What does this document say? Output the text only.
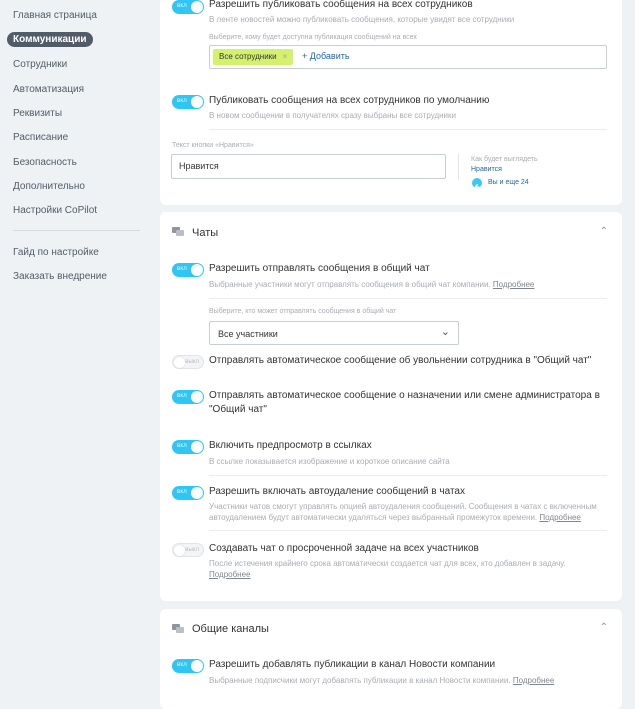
Главная страница
Коммуникации
Сотрудники
Автоматизация
Реквизиты
Расписание
Безопасность
Дополнительно
Настройки CoPilot
Гайд по настройке
Заказать внедрение
вкл Разрешить публиковать сообщения на всех сотрудников
В ленте новостей можно публиковать сообщения, которые увидят все сотрудники
Выберите, кому будет доступна публикация сообщений на всех
Все сотрудники ×	+ Добавить
вкл Публиковать сообщения на всех сотрудников по умолчанию
В новом сообщении в получателях сразу выбраны все сотрудники
Текст кнопки «Нравится»
Нравится
Как будет выглядеть
Нравится
Вы и еще 24
Чаты	⌃
вкл Разрешить отправлять сообщения в общий чат
Выбранные участники могут отправлять сообщения в общий чат компании. Подробнее
Выберите, кто может отправлять сообщения в общий чат
Все участники	⌄
выкл Отправлять автоматическое сообщение об увольнении сотрудника в "Общий чат"
вкл Отправлять автоматическое сообщение о назначении или смене администратора в
"Общий чат"
вкл Включить предпросмотр в ссылках
В ссылке показывается изображение и короткое описание сайта
вкл Разрешить включать автоудаление сообщений в чатах
Участники чатов смогут управлять опцией автоудаления сообщений. Сообщения в чатах с включенным
автоудалением будут автоматически удаляться через выбранный промежуток времени. Подробнее
выкл Создавать чат о просроченной задаче на всех участников
После истечения крайнего срока автоматически создается чат для всех, кто добавлен в задачу.
Подробнее
Общие каналы	⌃
вкл Разрешить добавлять публикации в канал Новости компании
Выбранные подписчики могут добавлять публикации в канал Новости компании. Подробнее
